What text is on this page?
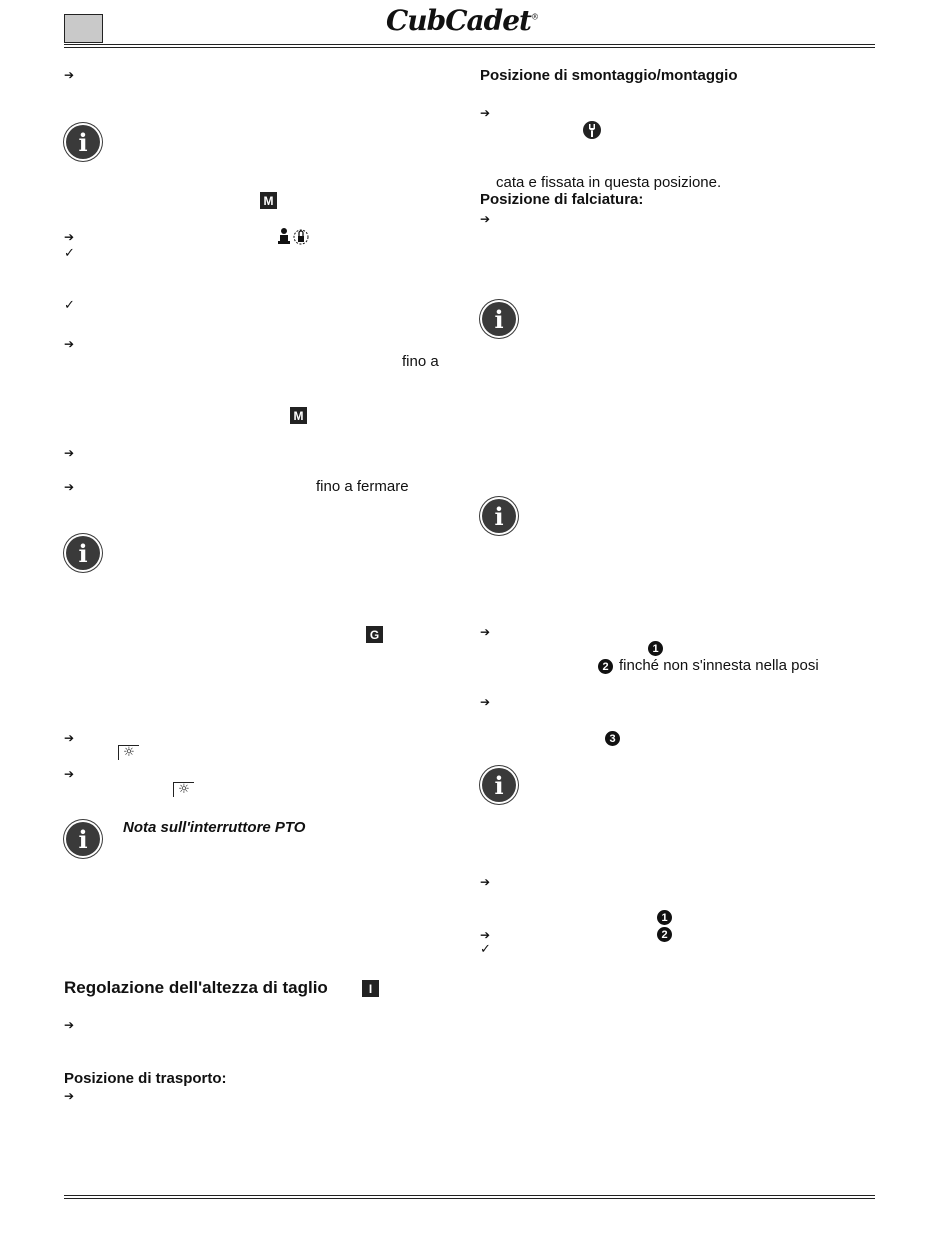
CubCadet®
➔
i
M
➔
✓
✓
➔
fino a
M
➔
➔	fino a fermare
i
G
➔
☼
➔
☼
i	Nota sull'interruttore PTO
Regolazione dell'altezza di taglio	I
➔
Posizione di trasporto:
➔
Posizione di smontaggio/montaggio
➔
cata e fissata in questa posizione.
Posizione di falciatura:
➔
i
i
➔
1
2 finché non s'innesta nella posi
➔
3
i
➔
1
➔	2
✓
